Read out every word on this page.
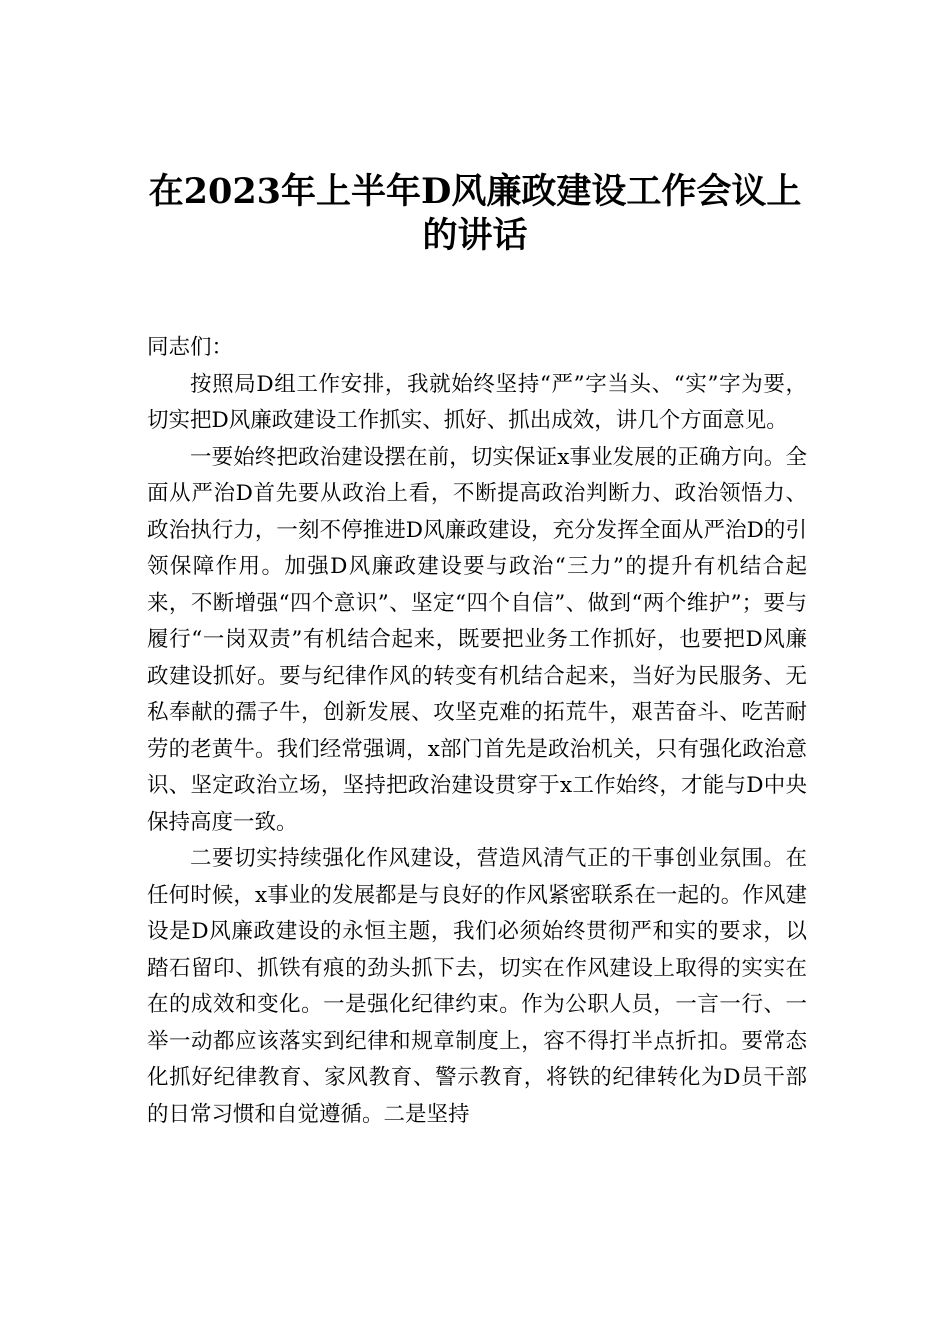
在2023年上半年D风廉政建设工作会议上
的讲话

同志们：

按照局D组工作安排，我就始终坚持“严”字当头、“实”字为要，切实把D风廉政建设工作抓实、抓好、抓出成效，讲几个方面意见。

一要始终把政治建设摆在前，切实保证x事业发展的正确方向。全面从严治D首先要从政治上看，不断提高政治判断力、政治领悟力、政治执行力，一刻不停推进D风廉政建设，充分发挥全面从严治D的引领保障作用。加强D风廉政建设要与政治“三力”的提升有机结合起来，不断增强“四个意识”、坚定“四个自信”、做到“两个维护”；要与履行“一岗双责”有机结合起来，既要把业务工作抓好，也要把D风廉政建设抓好。要与纪律作风的转变有机结合起来，当好为民服务、无私奉献的孺子牛，创新发展、攻坚克难的拓荒牛，艰苦奋斗、吃苦耐劳的老黄牛。我们经常强调，x部门首先是政治机关，只有强化政治意识、坚定政治立场，坚持把政治建设贯穿于x工作始终，才能与D中央保持高度一致。

二要切实持续强化作风建设，营造风清气正的干事创业氛围。在任何时候，x事业的发展都是与良好的作风紧密联系在一起的。作风建设是D风廉政建设的永恒主题，我们必须始终贯彻严和实的要求，以踏石留印、抓铁有痕的劲头抓下去，切实在作风建设上取得的实实在在的成效和变化。一是强化纪律约束。作为公职人员，一言一行、一举一动都应该落实到纪律和规章制度上，容不得打半点折扣。要常态化抓好纪律教育、家风教育、警示教育，将铁的纪律转化为D员干部的日常习惯和自觉遵循。二是坚持
